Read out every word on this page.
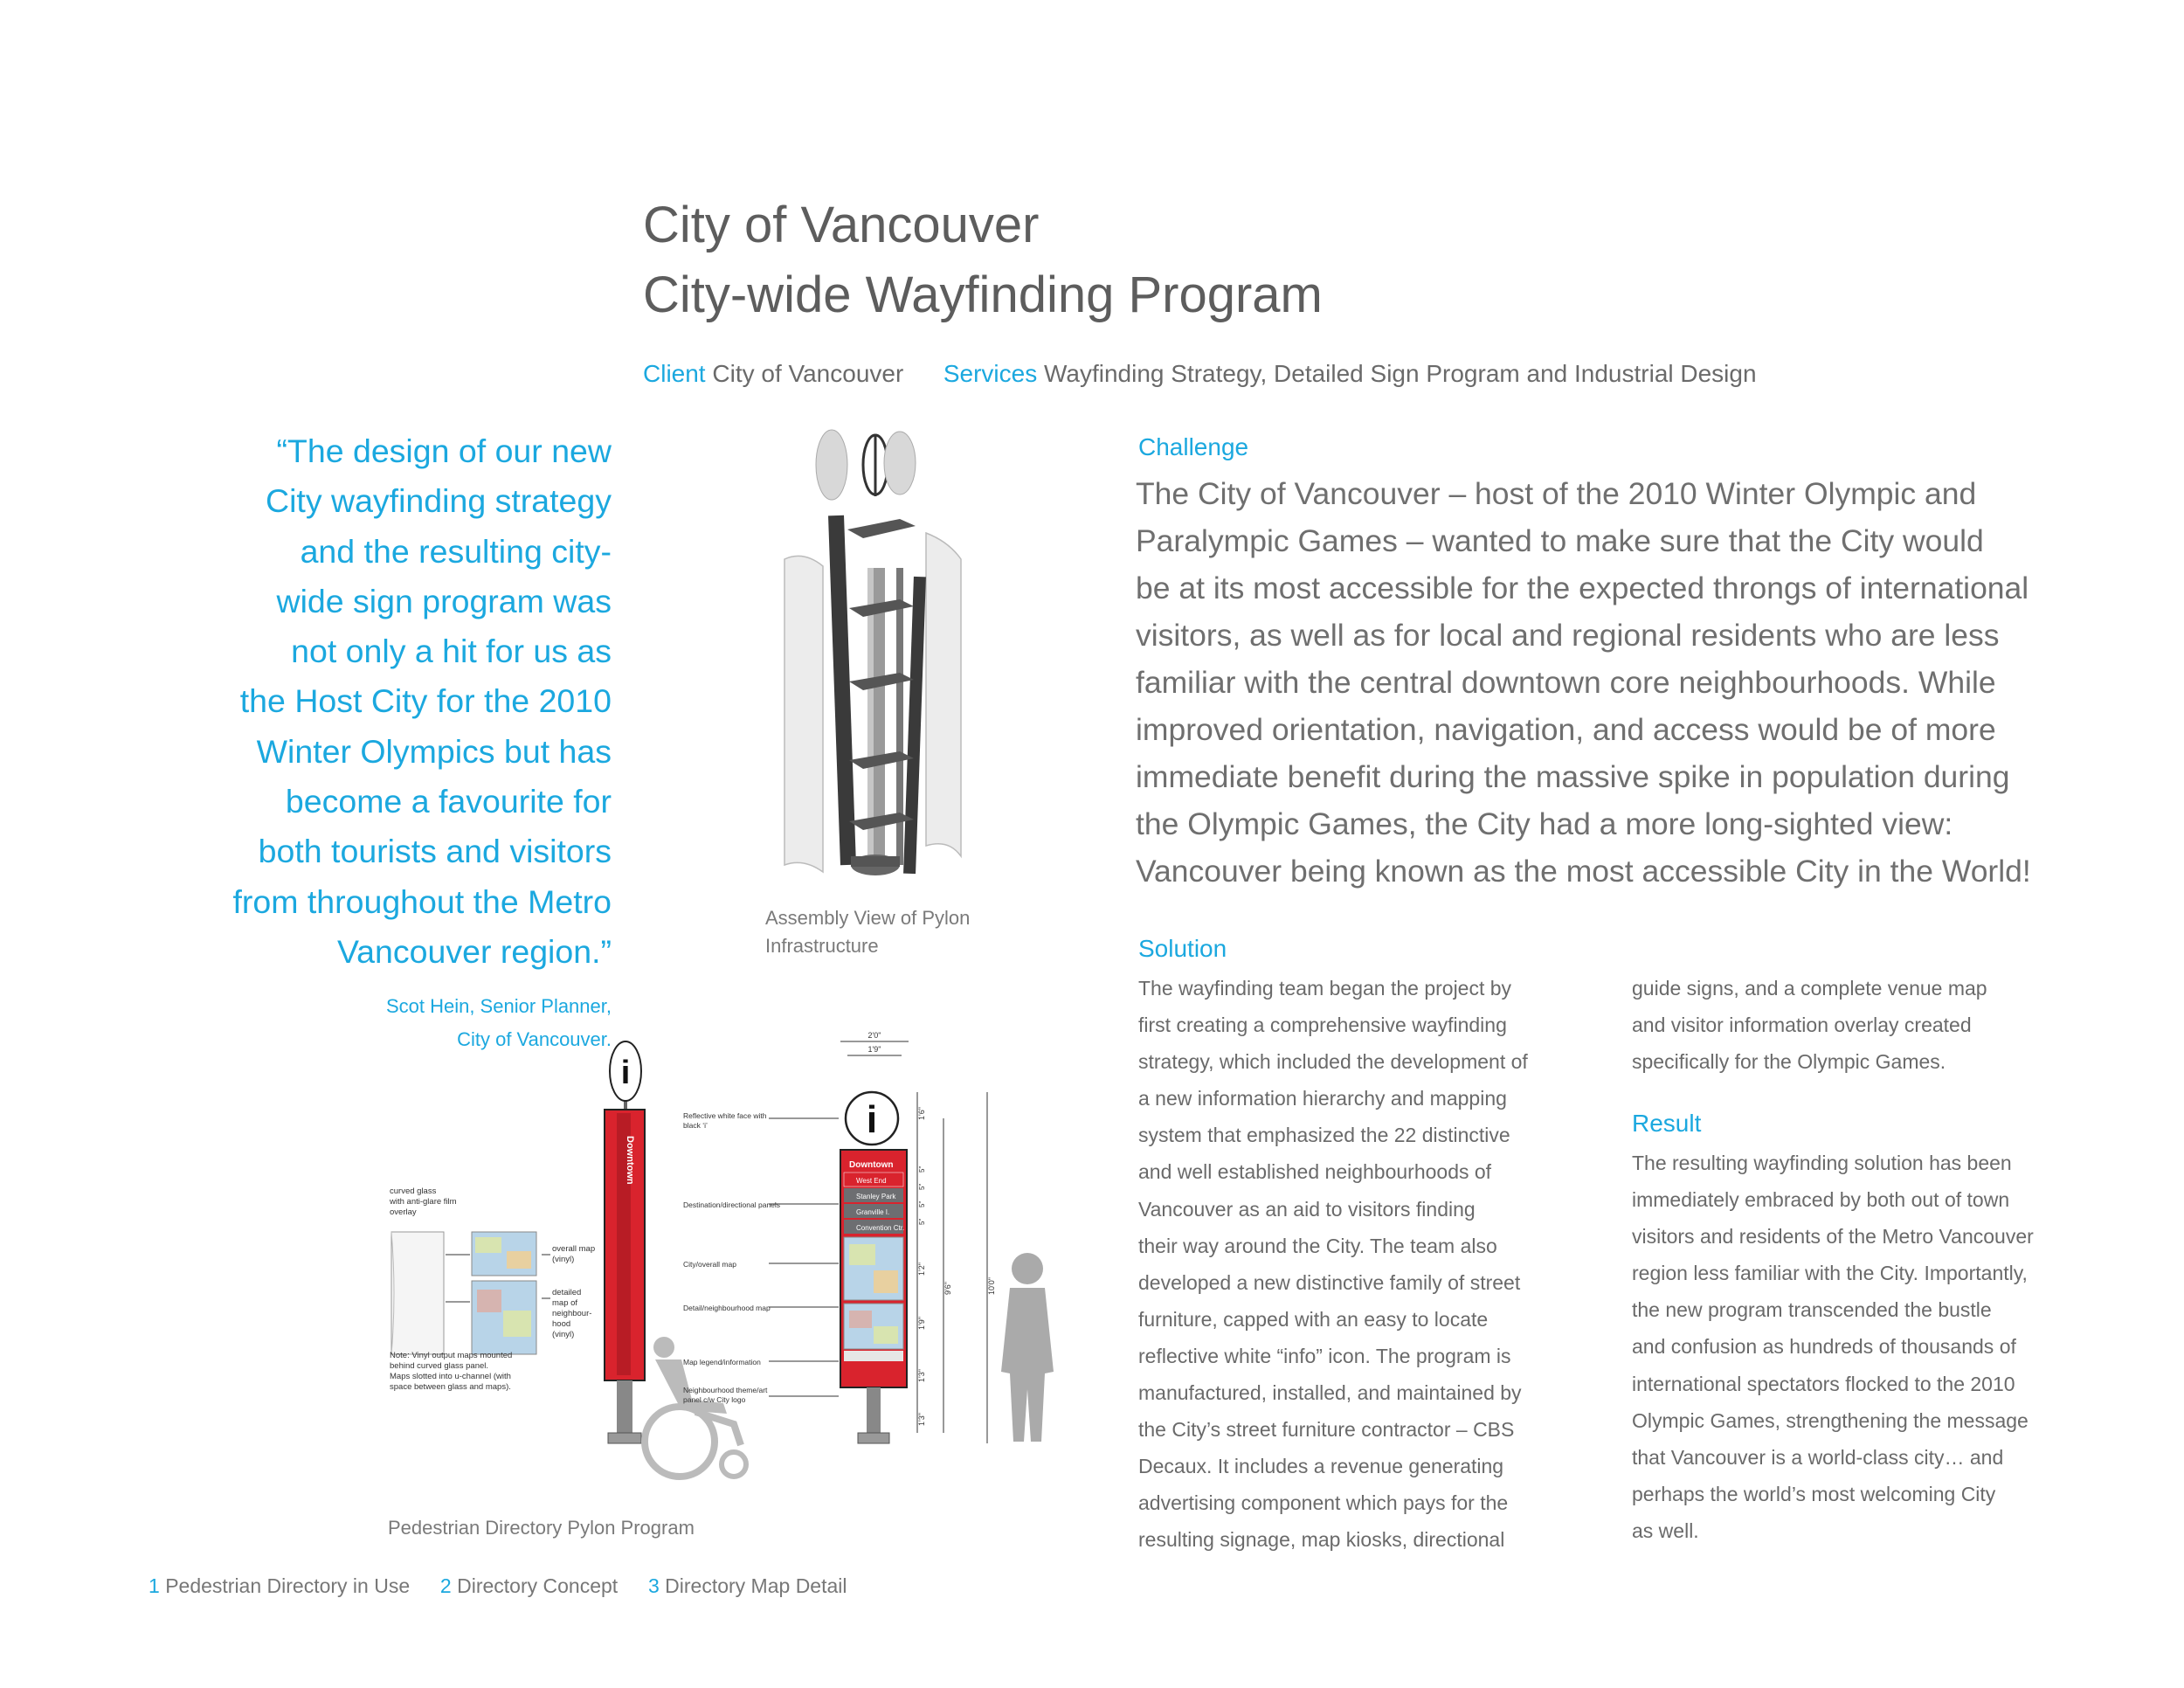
City of Vancouver
City-wide Wayfinding Program
Client City of Vancouver Services Wayfinding Strategy, Detailed Sign Program and Industrial Design
“The design of our new
City wayfinding strategy
and the resulting city-
wide sign program was
not only a hit for us as
the Host City for the 2010
Winter Olympics but has
become a favourite for
both tourists and visitors
from throughout the Metro
Vancouver region.”
Scot Hein, Senior Planner,
City of Vancouver.
Challenge
The City of Vancouver – host of the 2010 Winter Olympic and
Paralympic Games – wanted to make sure that the City would
be at its most accessible for the expected throngs of international
visitors, as well as for local and regional residents who are less
familiar with the central downtown core neighbourhoods. While
improved orientation, navigation, and access would be of more
immediate benefit during the massive spike in population during
the Olympic Games, the City had a more long-sighted view:
Vancouver being known as the most accessible City in the World!
Solution
The wayfinding team began the project by
first creating a comprehensive wayfinding
strategy, which included the development of
a new information hierarchy and mapping
system that emphasized the 22 distinctive
and well established neighbourhoods of
Vancouver as an aid to visitors finding
their way around the City. The team also
developed a new distinctive family of street
furniture, capped with an easy to locate
reflective white “info” icon. The program is
manufactured, installed, and maintained by
the City’s street furniture contractor – CBS
Decaux. It includes a revenue generating
advertising component which pays for the
resulting signage, map kiosks, directional
guide signs, and a complete venue map
and visitor information overlay created
specifically for the Olympic Games.
Result
The resulting wayfinding solution has been
immediately embraced by both out of town
visitors and residents of the Metro Vancouver
region less familiar with the City. Importantly,
the new program transcended the bustle
and confusion as hundreds of thousands of
international spectators flocked to the 2010
Olympic Games, strengthening the message
that Vancouver is a world-class city… and
perhaps the world’s most welcoming City
as well.
Assembly View of Pylon
Infrastructure
curved glass with anti-glare film overlay
overall map (vinyl)
detailed map of neighbour-hood (vinyl)
Note: Vinyl output maps mounted behind curved glass panel. Maps slotted into u-channel (with space between glass and maps).
i
Downtown
Reflective white face with black ‘i’
Destination/directional panels
City/overall map
Detail/neighbourhood map
Map legend/information
Neighbourhood theme/art panel c/w City logo
2'0"
1'9"
i
Downtown
West End
Stanley Park
Granville I.
Convention Ctr.
1'6"
5"
5"
5"
5"
1'2"
1'9"
1'3"
1'3"
9'6"	10'0"
Pedestrian Directory Pylon Program
1 Pedestrian Directory in Use 2 Directory Concept 3 Directory Map Detail
